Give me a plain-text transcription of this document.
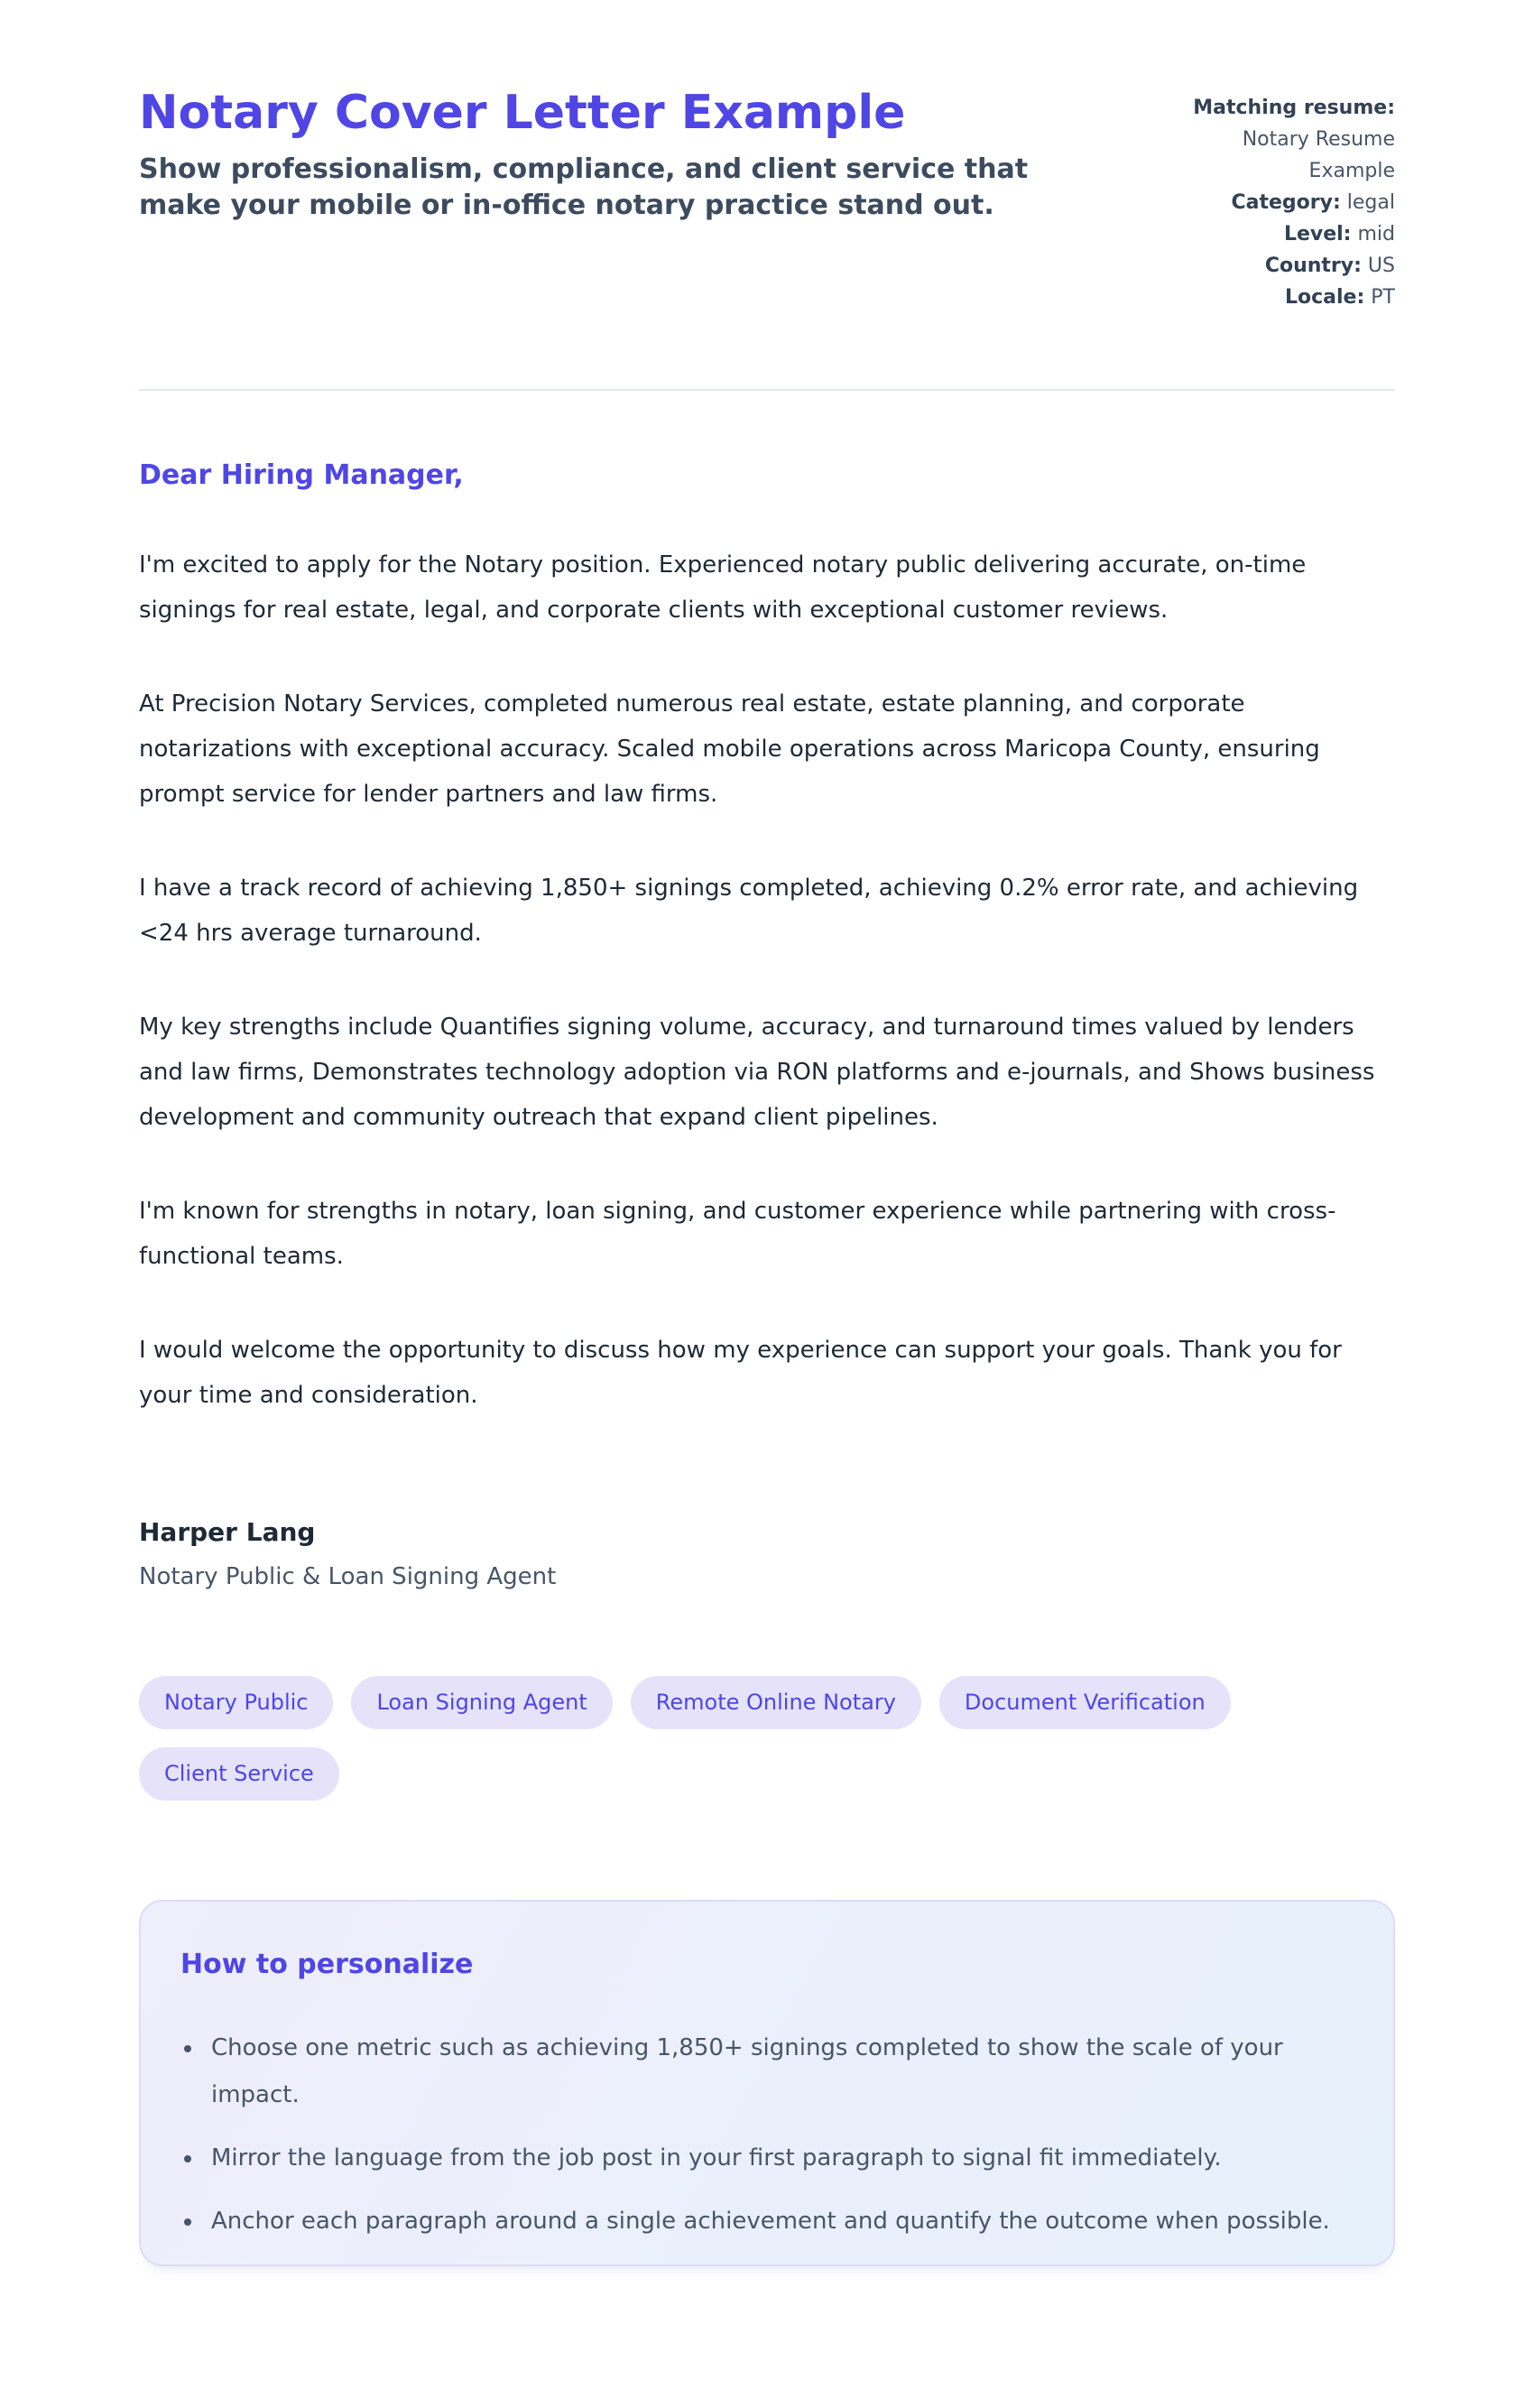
Notary Cover Letter Example
Show professionalism, compliance, and client service that make your mobile or in-office notary practice stand out.
Matching resume: Notary Resume Example
Category: legal
Level: mid
Country: US
Locale: PT
Dear Hiring Manager,

I'm excited to apply for the Notary position. Experienced notary public delivering accurate, on-time signings for real estate, legal, and corporate clients with exceptional customer reviews.

At Precision Notary Services, completed numerous real estate, estate planning, and corporate notarizations with exceptional accuracy. Scaled mobile operations across Maricopa County, ensuring prompt service for lender partners and law firms.

I have a track record of achieving 1,850+ signings completed, achieving 0.2% error rate, and achieving <24 hrs average turnaround.

My key strengths include Quantifies signing volume, accuracy, and turnaround times valued by lenders and law firms, Demonstrates technology adoption via RON platforms and e-journals, and Shows business development and community outreach that expand client pipelines.

I'm known for strengths in notary, loan signing, and customer experience while partnering with cross-functional teams.

I would welcome the opportunity to discuss how my experience can support your goals. Thank you for your time and consideration.

Harper Lang
Notary Public & Loan Signing Agent
Notary Public	Loan Signing Agent	Remote Online Notary	Document Verification
Client Service
How to personalize
• Choose one metric such as achieving 1,850+ signings completed to show the scale of your impact.
• Mirror the language from the job post in your first paragraph to signal fit immediately.
• Anchor each paragraph around a single achievement and quantify the outcome when possible.
